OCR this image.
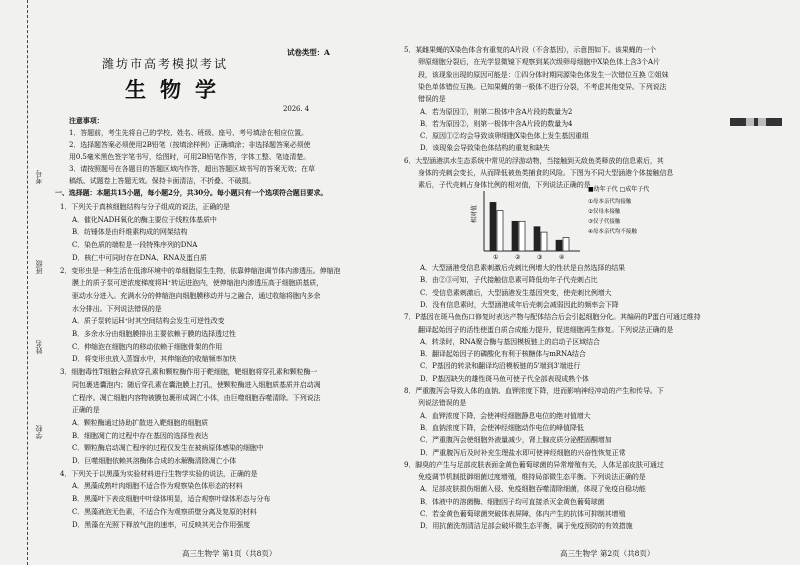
考号
班级
姓名
学校
试卷类型：A
潍坊市高考模拟考试
生物学
2026. 4
注意事项：
1．答题前，考生先将自己的学校、姓名、班级、座号、考号填涂在相应位置。
2．选择题答案必须使用2B铅笔（按填涂样例）正确填涂；非选择题答案必须使
用0.5毫米黑色签字笔书写，绘图时，可用2B铅笔作答，字体工整、笔迹清楚。
3．请按照题号在各题目的答题区域内作答，超出答题区域书写的答案无效；在草
稿纸、试题卷上答题无效。保持卡面清洁，不折叠、不破损。
一、选择题：本题共15小题，每小题2分，共30分。每小题只有一个选项符合题目要求。
1．下列关于真核细胞结构与分子组成的说法，正确的是
A．催化NADH氧化的酶主要位于线粒体基质中
B．纺锤体是由纤维素构成的网架结构
C．染色质的端粒是一段特殊序列的DNA
D．核仁中可同时存在DNA、RNA及蛋白质
2．变形虫是一种生活在低渗环境中的单细胞原生生物，依靠伸缩泡调节体内渗透压。伸缩泡
膜上的质子泵可逆浓度梯度将H⁺转运进泡内，使伸缩泡内渗透压高于细胞质基质，
驱动水分进入。充满水分的伸缩泡向细胞膜移动并与之融合，通过收缩将胞内多余
水分排出。下列说法错误的是
A．质子泵转运H⁺时其空间结构会发生可逆性改变
B．多余水分由细胞膜排出主要依赖于膜的选择透过性
C．伸缩泡在细胞内的移动依赖于细胞骨架的作用
D．将变形虫放入蒸馏水中，其伸缩泡的收缩频率加快
3．细胞毒性T细胞会释放穿孔素和颗粒酶作用于靶细胞，靶细胞将穿孔素和颗粒酶一
同包裹进囊泡内；随后穿孔素在囊泡膜上打孔，使颗粒酶进入细胞质基质并启动凋
亡程序。凋亡细胞内容物被膜包裹形成凋亡小体，由巨噬细胞吞噬清除。下列说法
正确的是
A．颗粒酶通过协助扩散进入靶细胞的细胞质
B．细胞凋亡的过程中存在基因的选择性表达
C．颗粒酶启动凋亡程序的过程仅发生在被病原体感染的细胞中
D．巨噬细胞依赖其溶酶体合成的水解酶清除凋亡小体
4．下列关于以黑藻为实验材料进行生物学实验的说法，正确的是
A．黑藻成熟叶肉细胞不适合作为观察染色体形态的材料
B．黑藻叶下表皮细胞中叶绿体明显，适合观察叶绿体形态与分布
C．黑藻液泡无色素，不适合作为观察质壁分离及复原的材料
D．黑藻在光照下释放气泡的速率，可反映其光合作用强度
5．某雌果蝇的X染色体含有重复的A片段（不含基因），示意图如下。该果蝇的一个
卵原细胞分裂后，在光学显微镜下观察到某次级卵母细胞中X染色体上含3个A片
段，该现象出现的原因可能是：①四分体时期同源染色体发生一次错位互换 ②姐妹
染色单体错位互换。已知果蝇的第一极体不进行分裂，不考虑其他变异。下列说法
错误的是
A．若为原因①，则第二极体中含A片段的数量为2
B．若为原因②，则第一极体中含A片段的数量为4
C．原因①②均会导致该卵细胞X染色体上发生基因重组
D．该现象会导致染色体结构的重复和缺失
6．大型涵港洪水生态系统中常见的浮游动物，当接触到天敌鱼类释放的信息素后，其
身体的壳刺会变长，从而降低被鱼类捕食的风险。下图为不同大型涵港个体接触信息
素后，子代壳刺占身体比例的相对值，下列说法正确的是
A．大型涵港受信息素刺激后壳刺比例增大的性状是自然选择的结果
B．由②③可知，子代接触信息素可降低幼年子代壳刺占比
C．受信息素刺激后，大型涵港发生基因突变，使壳刺比例增大
D．没有信息素时，大型涵港成年后壳刺会减弱因此的频率会下降
7．P基因在斑马鱼伤口修复时表达产物与配体结合后会引起细胞分化。其编码的P蛋白可通过维持
翻译起始因子的活性使蛋白质合成能力提升，促进细胞再生修复。下列说法正确的是
A．转录时，RNA聚合酶与基因模板链上的启动子区域结合
B．翻译起始因子的磷酸化有利于核糖体与mRNA结合
C．P基因的转录和翻译均沿模板链的5'端到3'端进行
D．P基因缺失的雄性斑马鱼可使子代全部表现成熟个体
8．严重腹泻会导致人体的血钠、血钾浓度下降，进而影响神经冲动的产生和传导。下
列说法错误的是
A．血钾浓度下降，会使神经细胞静息电位的绝对值增大
B．血钠浓度下降，会使神经细胞动作电位的峰值降低
C．严重腹泻会使细胞外液量减少，肾上腺皮质分泌醛固酮增加
D．严重腹泻后及时补充生理盐水即可使神经细胞的兴奋性恢复正常
9．脚臭的产生与足部皮肤表面金黄色葡萄球菌的异常增殖有关，人体足部皮肤可通过
免疫调节机制抵御细菌过度增殖，维持局部微生态平衡。下列说法正确的是
A．足部皮肤损伤细菌入侵、免疫细胞吞噬清除细菌，体现了免疫自稳功能
B．体液中的溶菌酶、细胞因子均可直接杀灭金黄色葡萄球菌
C．若金黄色葡萄球菌突破体表屏障，体内产生的抗体可抑制其增殖
D．用抗菌洗剂清洁足部会破坏微生态平衡，属于免疫预防的有效措施
相对值
①	②	③	④
■幼年子代 □成年子代
①母本亲代均接触
②仅母本接触
③仅子代接触
④母本亲代均不接触
高三生物学 第1页（共8页）	高三生物学 第2页（共8页）
